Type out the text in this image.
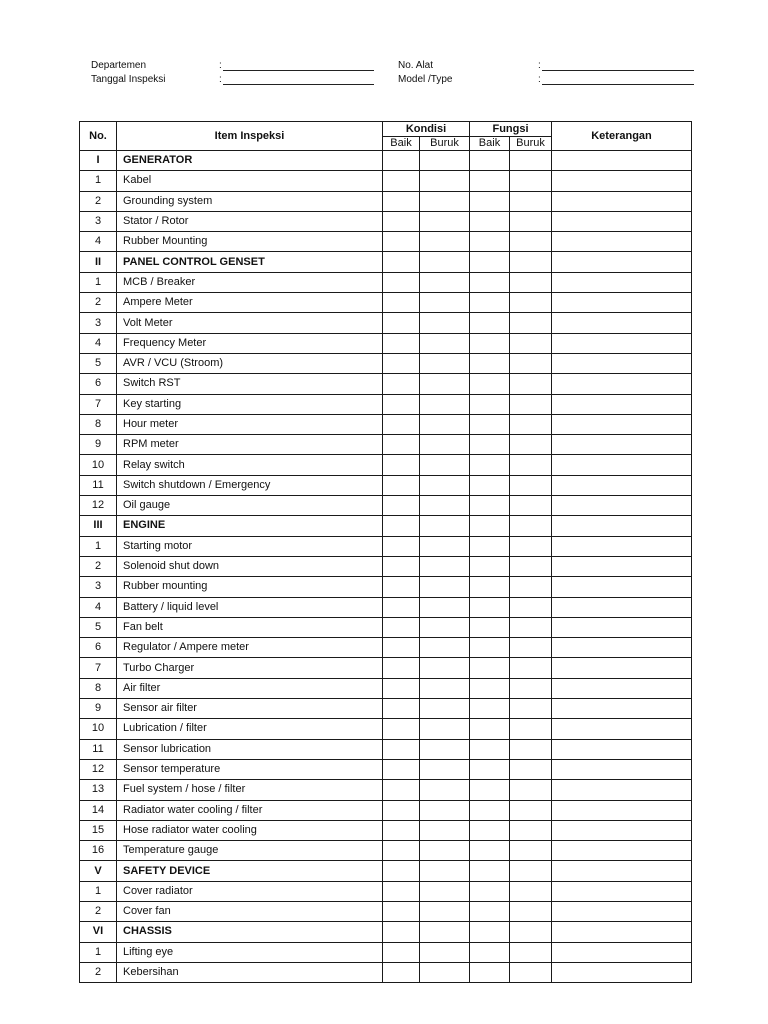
Departemen	:
Tanggal Inspeksi	:
No. Alat	:
Model /Type	:
No.	Item Inspeksi	Kondisi		Fungsi		Keterangan
		Baik	Buruk	Baik	Buruk	
I	GENERATOR					
1	Kabel					
2	Grounding system					
3	Stator / Rotor					
4	Rubber Mounting					
II	PANEL CONTROL GENSET					
1	MCB / Breaker					
2	Ampere Meter					
3	Volt Meter					
4	Frequency Meter					
5	AVR / VCU (Stroom)					
6	Switch RST					
7	Key starting					
8	Hour meter					
9	RPM meter					
10	Relay switch					
11	Switch shutdown / Emergency					
12	Oil gauge					
III	ENGINE					
1	Starting motor					
2	Solenoid shut down					
3	Rubber mounting					
4	Battery / liquid level					
5	Fan belt					
6	Regulator / Ampere meter					
7	Turbo Charger					
8	Air filter					
9	Sensor air filter					
10	Lubrication / filter					
11	Sensor lubrication					
12	Sensor temperature					
13	Fuel system / hose / filter					
14	Radiator water cooling / filter					
15	Hose radiator water cooling					
16	Temperature gauge					
V	SAFETY DEVICE					
1	Cover radiator					
2	Cover fan					
VI	CHASSIS					
1	Lifting eye					
2	Kebersihan					
